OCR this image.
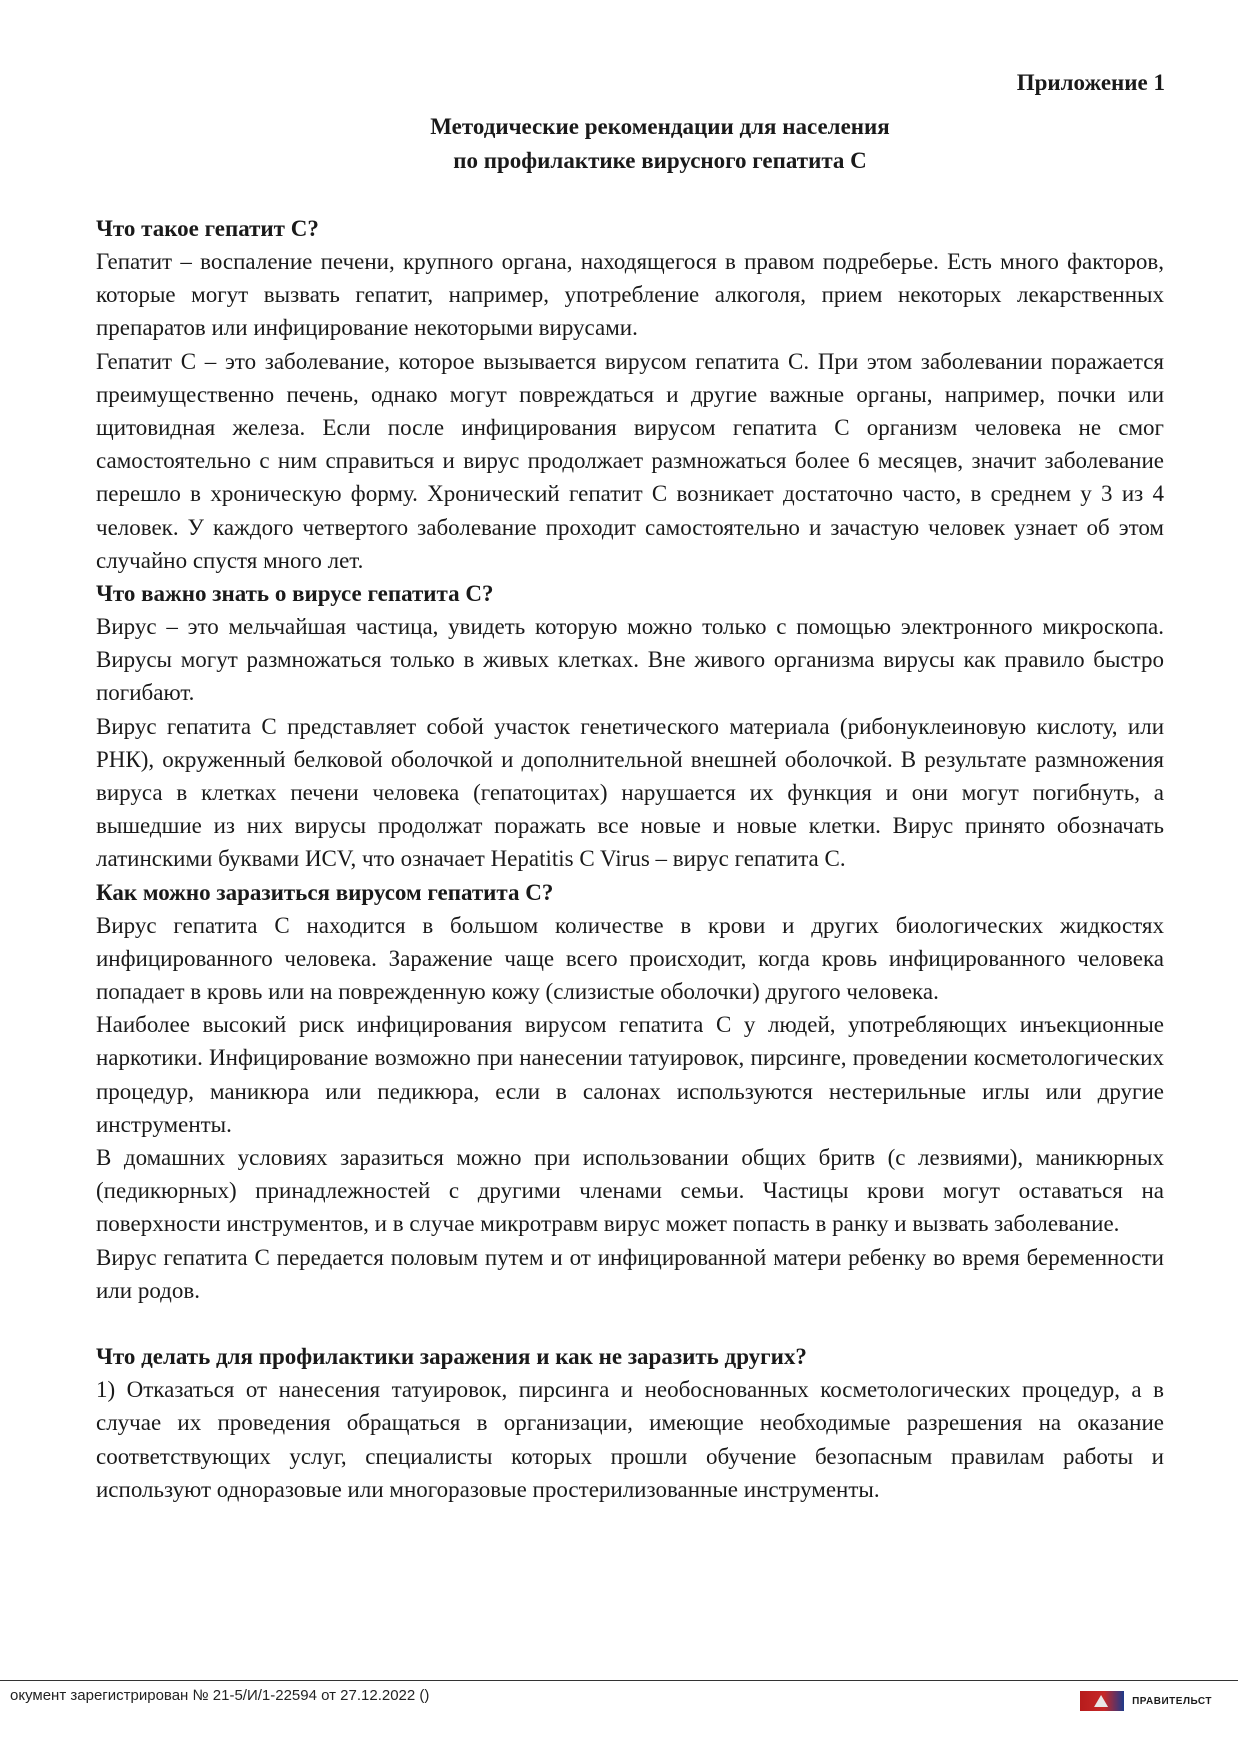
Приложение 1
Методические рекомендации для населения
по профилактике вирусного гепатита С
Что такое гепатит С?

Гепатит – воспаление печени, крупного органа, находящегося в правом подреберье. Есть много факторов, которые могут вызвать гепатит, например, употребление алкоголя, прием некоторых лекарственных препаратов или инфицирование некоторыми вирусами.

Гепатит С – это заболевание, которое вызывается вирусом гепатита С. При этом заболевании поражается преимущественно печень, однако могут повреждаться и другие важные органы, например, почки или щитовидная железа. Если после инфицирования вирусом гепатита С организм человека не смог самостоятельно с ним справиться и вирус продолжает размножаться более 6 месяцев, значит заболевание перешло в хроническую форму. Хронический гепатит С возникает достаточно часто, в среднем у 3 из 4 человек. У каждого четвертого заболевание проходит самостоятельно и зачастую человек узнает об этом случайно спустя много лет.

Что важно знать о вирусе гепатита С?

Вирус – это мельчайшая частица, увидеть которую можно только с помощью электронного микроскопа. Вирусы могут размножаться только в живых клетках. Вне живого организма вирусы как правило быстро погибают.

Вирус гепатита С представляет собой участок генетического материала (рибонуклеиновую кислоту, или РНК), окруженный белковой оболочкой и дополнительной внешней оболочкой. В результате размножения вируса в клетках печени человека (гепатоцитах) нарушается их функция и они могут погибнуть, а вышедшие из них вирусы продолжат поражать все новые и новые клетки. Вирус принято обозначать латинскими буквами ИСV, что означает Hepatitis C Virus – вирус гепатита С.

Как можно заразиться вирусом гепатита С?

Вирус гепатита С находится в большом количестве в крови и других биологических жидкостях инфицированного человека. Заражение чаще всего происходит, когда кровь инфицированного человека попадает в кровь или на поврежденную кожу (слизистые оболочки) другого человека.

Наиболее высокий риск инфицирования вирусом гепатита С у людей, употребляющих инъекционные наркотики. Инфицирование возможно при нанесении татуировок, пирсинге, проведении косметологических процедур, маникюра или педикюра, если в салонах используются нестерильные иглы или другие инструменты.

В домашних условиях заразиться можно при использовании общих бритв (с лезвиями), маникюрных (педикюрных) принадлежностей с другими членами семьи. Частицы крови могут оставаться на поверхности инструментов, и в случае микротравм вирус может попасть в ранку и вызвать заболевание.

Вирус гепатита С передается половым путем и от инфицированной матери ребенку во время беременности или родов.

Что делать для профилактики заражения и как не заразить других?

1) Отказаться от нанесения татуировок, пирсинга и необоснованных косметологических процедур, а в случае их проведения обращаться в организации, имеющие необходимые разрешения на оказание соответствующих услуг, специалисты которых прошли обучение безопасным правилам работы и используют одноразовые или многоразовые простерилизованные инструменты.

окумент зарегистрирован № 21-5/И/1-22594 от 27.12.2022 ()	ПРАВИТЕЛЬСТ
